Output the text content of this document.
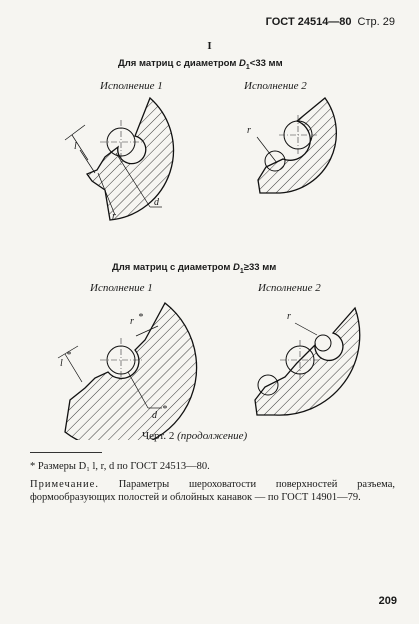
ГОСТ 24514—80 Стр. 29
I
Для матриц с диаметром $D_1<33$ мм
Исполнение 1	Исполнение 2
l
r
d
r
Для матриц с диаметром $D_1\ge 33$ мм
Исполнение 1	Исполнение 2
l
*
r *
d
*
r
Черт. 2 (продолжение)
* Размеры D₁ l, r, d по ГОСТ 24513—80.
Примечание. Параметры шероховатости поверхностей разъема, формообразующих полостей и облойных канавок — по ГОСТ 14901—79.
209
